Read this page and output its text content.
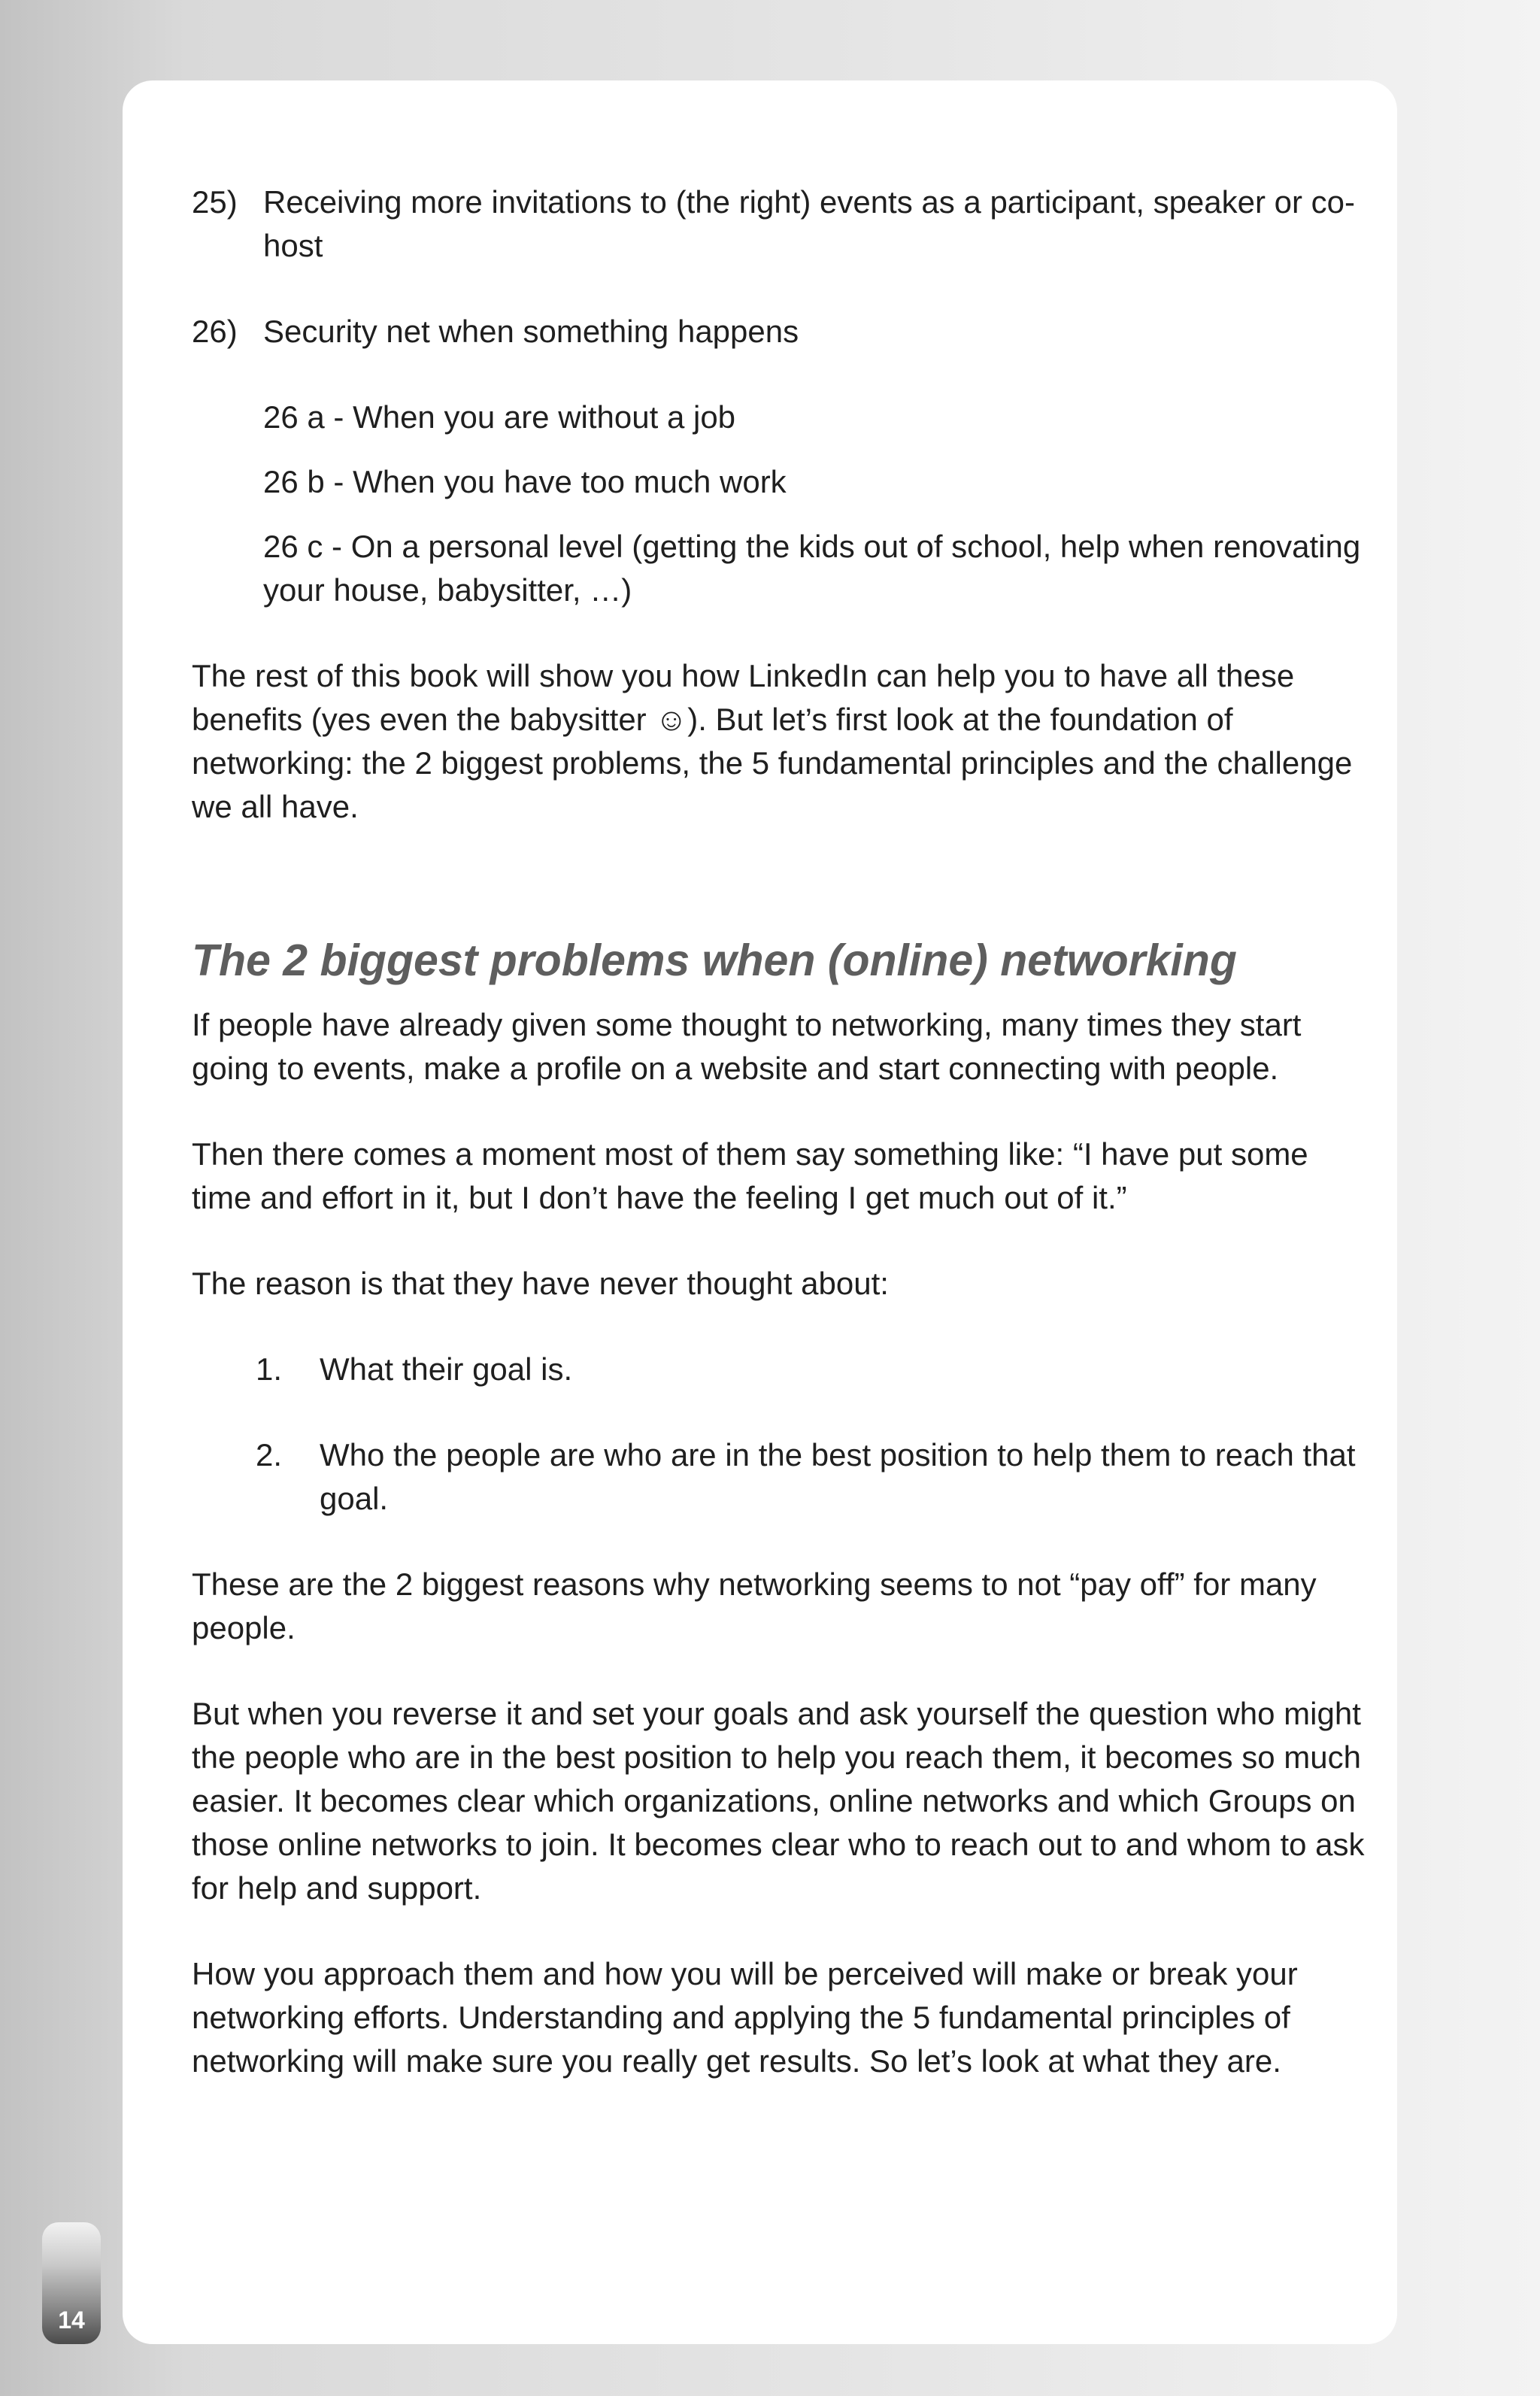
25) Receiving more invitations to (the right) events as a participant, speaker or co-host
26) Security net when something happens

26 a - When you are without a job

26 b - When you have too much work

26 c - On a personal level (getting the kids out of school, help when renovating your house, babysitter, …)

The rest of this book will show you how LinkedIn can help you to have all these benefits (yes even the babysitter ☺). But let’s first look at the foundation of networking: the 2 biggest problems, the 5 fundamental principles and the challenge we all have.

The 2 biggest problems when (online) networking

If people have already given some thought to networking, many times they start going to events, make a profile on a website and start connecting with people.

Then there comes a moment most of them say something like: “I have put some time and effort in it, but I don’t have the feeling I get much out of it.”

The reason is that they have never thought about:

1.	What their goal is.
2.	Who the people are who are in the best position to help them to reach that goal.

These are the 2 biggest reasons why networking seems to not “pay off” for many people.

But when you reverse it and set your goals and ask yourself the question who might the people who are in the best position to help you reach them, it becomes so much easier. It becomes clear which organizations, online networks and which Groups on those online networks to join. It becomes clear who to reach out to and whom to ask for help and support.

How you approach them and how you will be perceived will make or break your networking efforts. Understanding and applying the 5 fundamental principles of networking will make sure you really get results. So let’s look at what they are.

14
